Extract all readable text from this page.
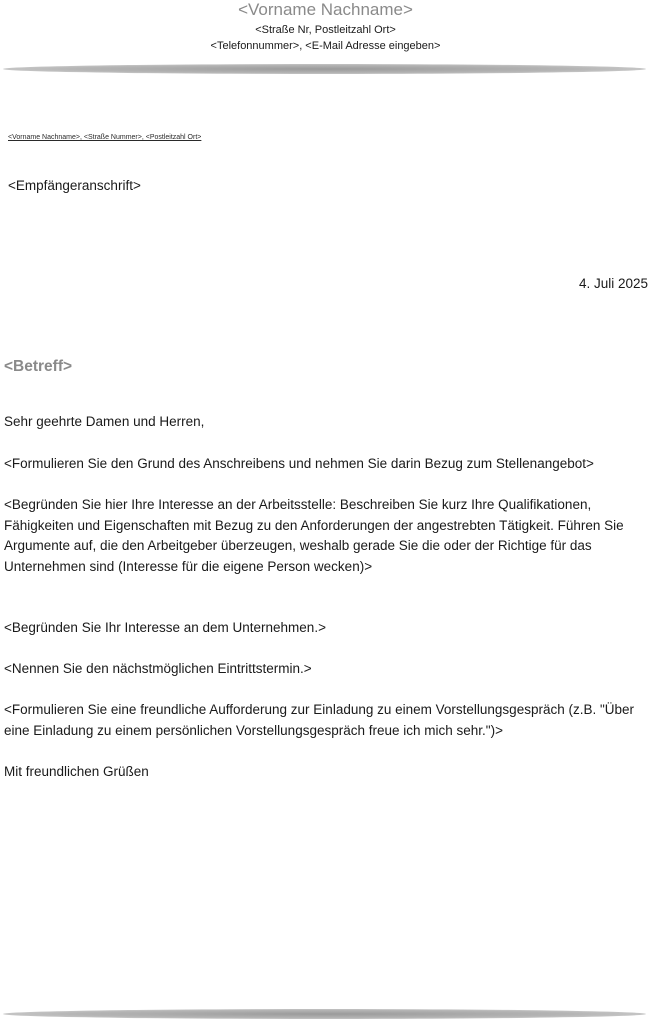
<Vorname Nachname>
<Straße Nr, Postleitzahl Ort>
<Telefonnummer>, <E-Mail Adresse eingeben>
<Vorname Nachname>, <Straße Nummer>, <Postleitzahl Ort>
<Empfängeranschrift>
4. Juli 2025
<Betreff>
Sehr geehrte Damen und Herren,
<Formulieren Sie den Grund des Anschreibens und nehmen Sie darin Bezug zum Stellenangebot>
<Begründen Sie hier Ihre Interesse an der Arbeitsstelle: Beschreiben Sie kurz Ihre Qualifikationen, Fähigkeiten und Eigenschaften mit Bezug zu den Anforderungen der angestrebten Tätigkeit. Führen Sie Argumente auf, die den Arbeitgeber überzeugen, weshalb gerade Sie die oder der Richtige für das Unternehmen sind (Interesse für die eigene Person wecken)>
<Begründen Sie Ihr Interesse an dem Unternehmen.>
<Nennen Sie den nächstmöglichen Eintrittstermin.>
<Formulieren Sie eine freundliche Aufforderung zur Einladung zu einem Vorstellungsgespräch (z.B. "Über eine Einladung zu einem persönlichen Vorstellungsgespräch freue ich mich sehr.")>
Mit freundlichen Grüßen
